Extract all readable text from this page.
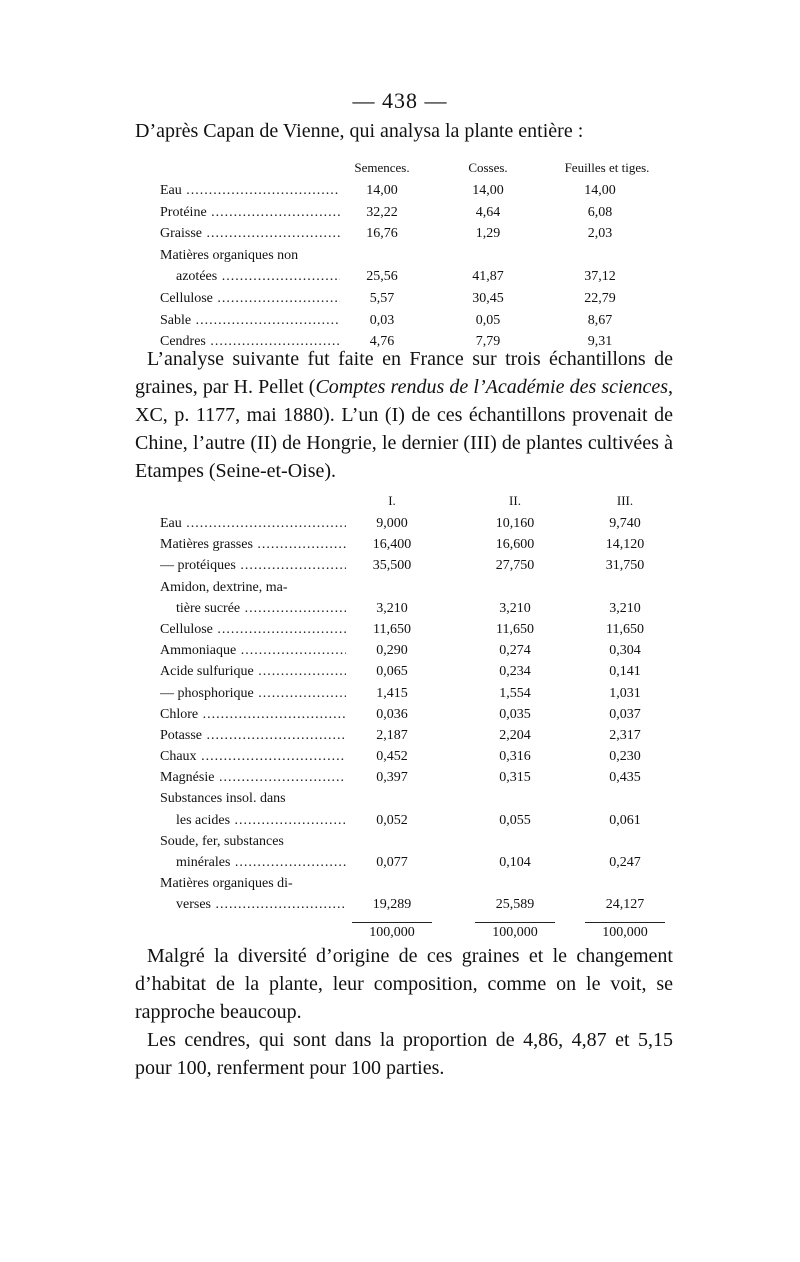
— 438 —
D’après Capan de Vienne, qui analysa la plante entière :
Semences.	Cosses.	Feuilles et tiges.
Eau .....	14,00	14,00	14,00
Protéine .....	32,22	4,64	6,08
Graisse .....	16,76	1,29	2,03
Matières organiques non
azotées .....	25,56	41,87	37,12
Cellulose .....	5,57	30,45	22,79
Sable .....	0,03	0,05	8,67
Cendres .....	4,76	7,79	9,31

L’analyse suivante fut faite en France sur trois échantillons de graines, par H. Pellet (Comptes rendus de l’Académie des sciences, XC, p. 1177, mai 1880). L’un (I) de ces échantillons provenait de Chine, l’autre (II) de Hongrie, le dernier (III) de plantes cultivées à Etampes (Seine-et-Oise).

I.	II.	III.
Eau .....	9,000	10,160	9,740
Matières grasses .....	16,400	16,600	14,120
— protéiques .....	35,500	27,750	31,750
Amidon, dextrine, ma-
tière sucrée .....	3,210	3,210	3,210
Cellulose .....	11,650	11,650	11,650
Ammoniaque .....	0,290	0,274	0,304
Acide sulfurique .....	0,065	0,234	0,141
— phosphorique .....	1,415	1,554	1,031
Chlore .....	0,036	0,035	0,037
Potasse .....	2,187	2,204	2,317
Chaux .....	0,452	0,316	0,230
Magnésie .....	0,397	0,315	0,435
Substances insol. dans
les acides .....	0,052	0,055	0,061
Soude, fer, substances
minérales .....	0,077	0,104	0,247
Matières organiques di-
verses .....	19,289	25,589	24,127
100,000	100,000	100,000

Malgré la diversité d’origine de ces graines et le changement d’habitat de la plante, leur composition, comme on le voit, se rapproche beaucoup.

Les cendres, qui sont dans la proportion de 4,86, 4,87 et 5,15 pour 100, renferment pour 100 parties.
